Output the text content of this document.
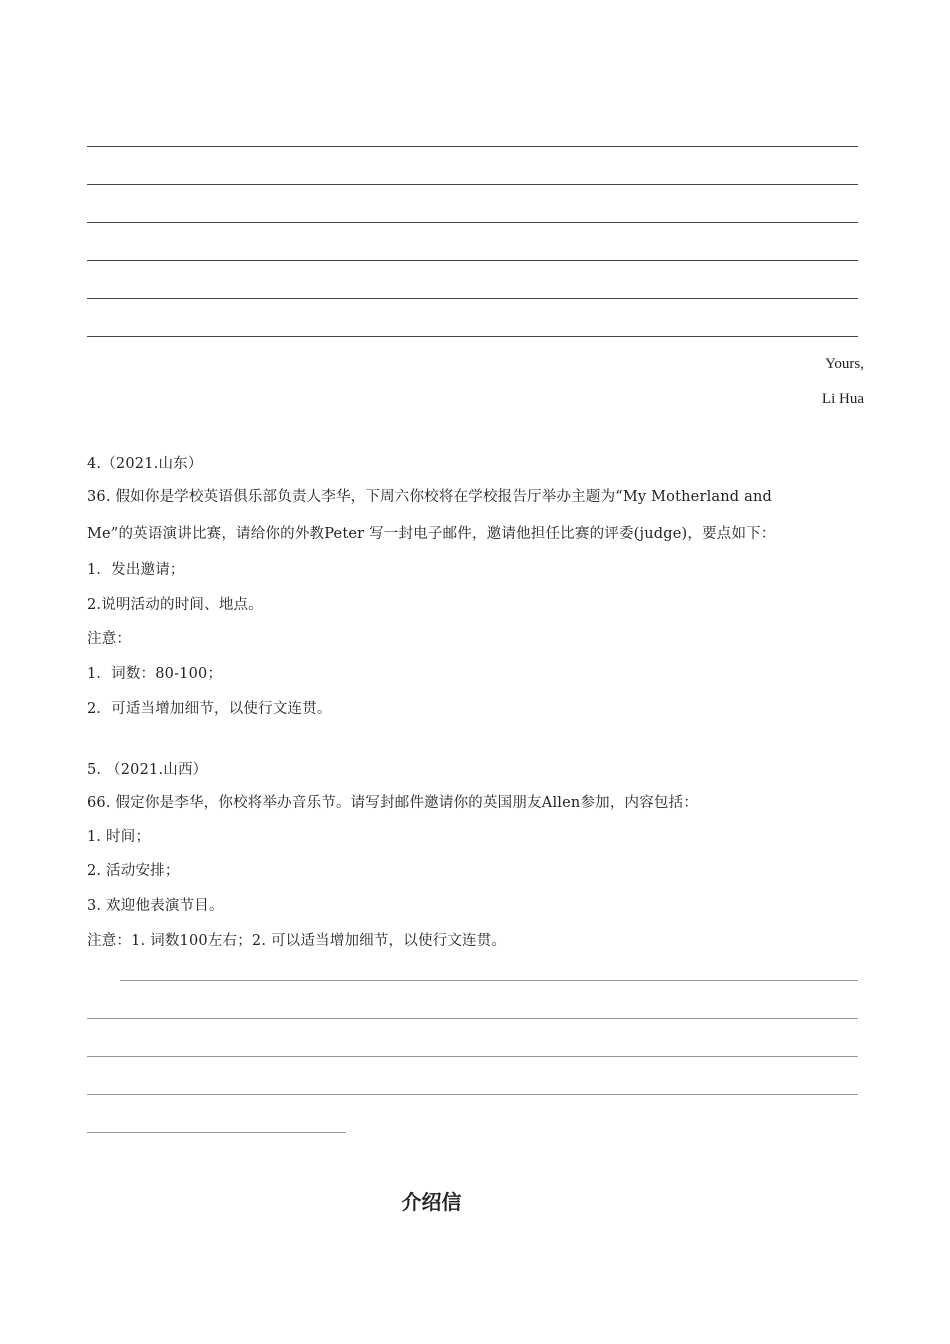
Yours,
Li Hua
4.（2021.山东）
36. 假如你是学校英语俱乐部负责人李华，下周六你校将在学校报告厅举办主题为“My Motherland and
Me”的英语演讲比赛，请给你的外教Peter 写一封电子邮件，邀请他担任比赛的评委(judge)，要点如下：
1．发出邀请；
2.说明活动的时间、地点。
注意：
1．词数：80-100；
2．可适当增加细节，以使行文连贯。
5. （2021.山西）
66. 假定你是李华，你校将举办音乐节。请写封邮件邀请你的英国朋友Allen参加，内容包括：
1. 时间；
2. 活动安排；
3. 欢迎他表演节目。
注意：1. 词数100左右；2. 可以适当增加细节，以使行文连贯。
介绍信
